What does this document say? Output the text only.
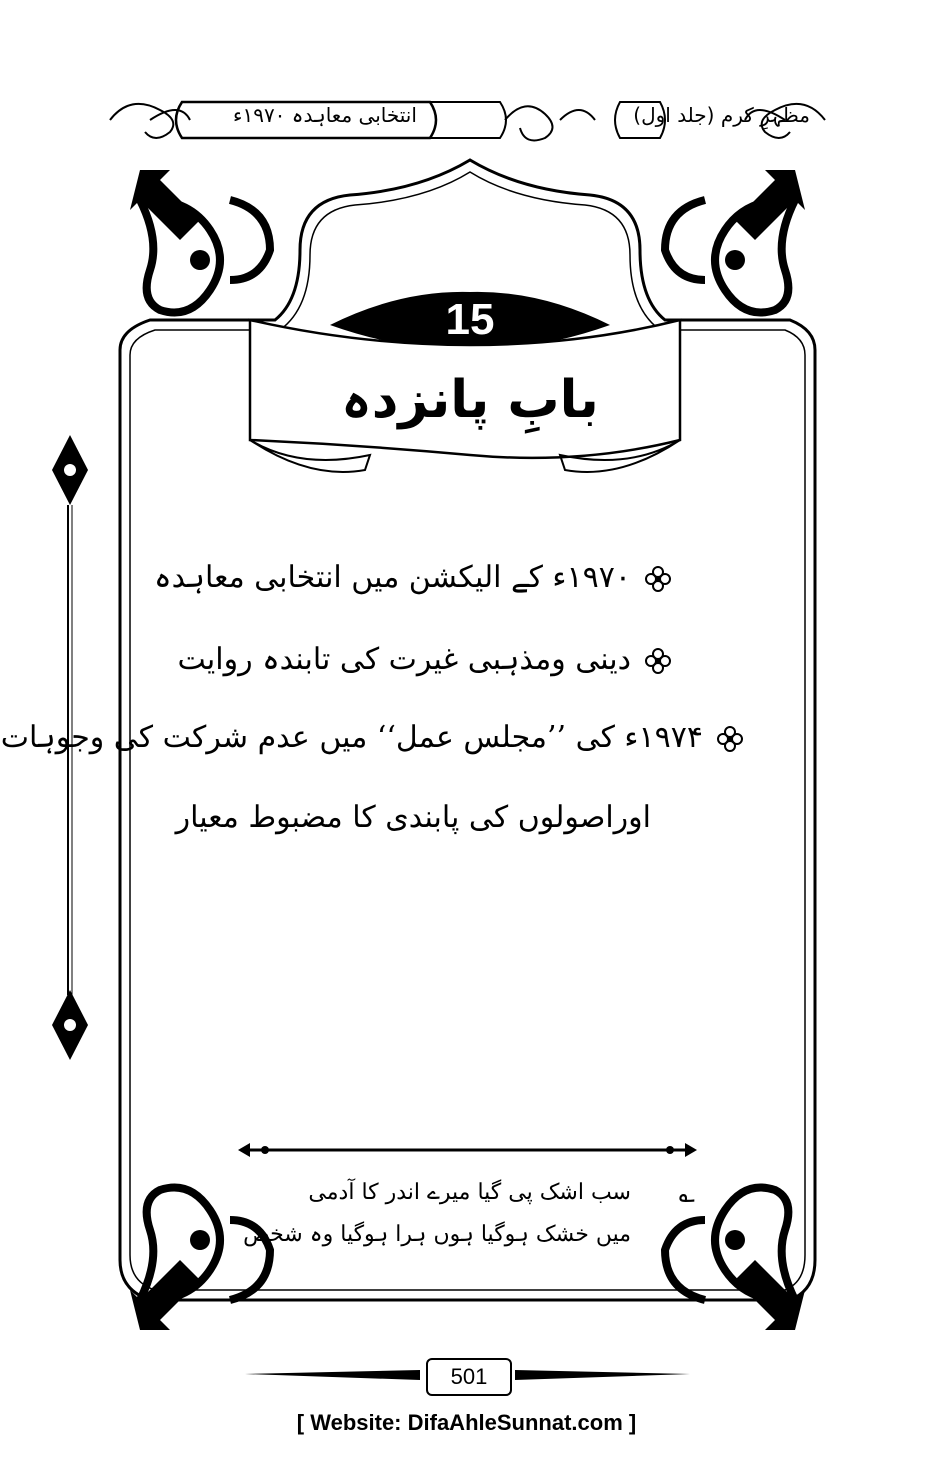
مظہرِ کرم (جلد اول)
انتخابی معاہدہ ۱۹۷۰ء
15
بابِ پانزدہ
۱۹۷۰ء کے الیکشن میں انتخابی معاہدہ
دینی ومذہبی غیرت کی تابندہ روایت
۱۹۷۴ء کی ’’مجلس عمل‘‘ میں عدم شرکت کی وجوہات
اوراصولوں کی پابندی کا مضبوط معیار
؎
سب اشک پی گیا میرے اندر کا آدمی
میں خشک ہوگیا ہوں ہرا ہوگیا وہ شخص
501
[ Website: DifaAhleSunnat.com ]
